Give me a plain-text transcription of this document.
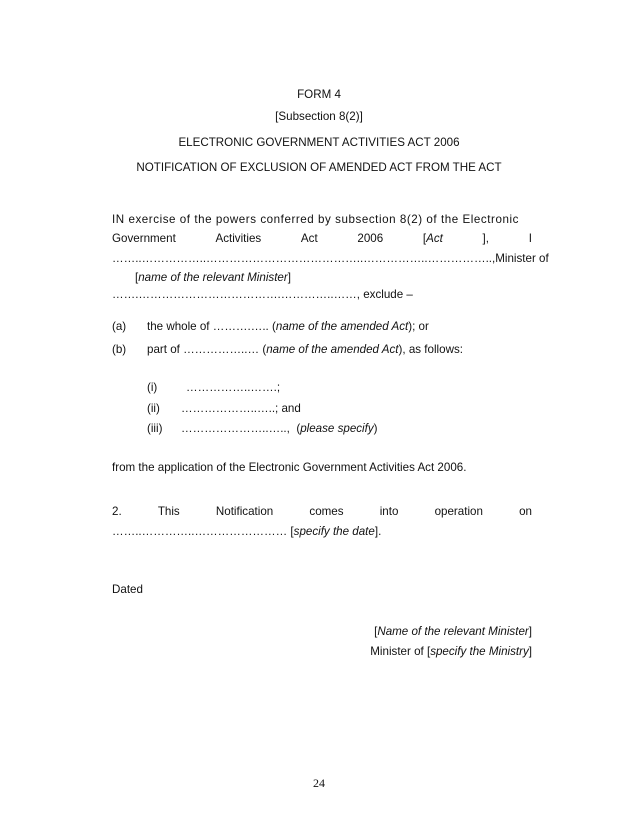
FORM 4
[Subsection 8(2)]
ELECTRONIC GOVERNMENT ACTIVITIES ACT 2006
NOTIFICATION OF EXCLUSION OF AMENDED ACT FROM THE ACT
IN exercise of the powers conferred by subsection 8(2) of the Electronic
Government	Activities	Act	2006	[Act	],	I
……..……………..…………………………………..……………..…………….., Minister of
[name of the relevant Minister]
…….……………………………….…………..……, exclude –
(a) the whole of ……….….. (name of the amended Act); or
(b) part of ……………..… (name of the amended Act), as follows:
(i) ……………..…….;
(ii) ………………..…..; and
(iii) …………………..….., (please specify)
from the application of the Electronic Government Activities Act 2006.
2.	This	Notification	comes	into	operation	on
……..…………..…………………… [specify the date].
Dated
[Name of the relevant Minister]
Minister of [specify the Ministry]
24
